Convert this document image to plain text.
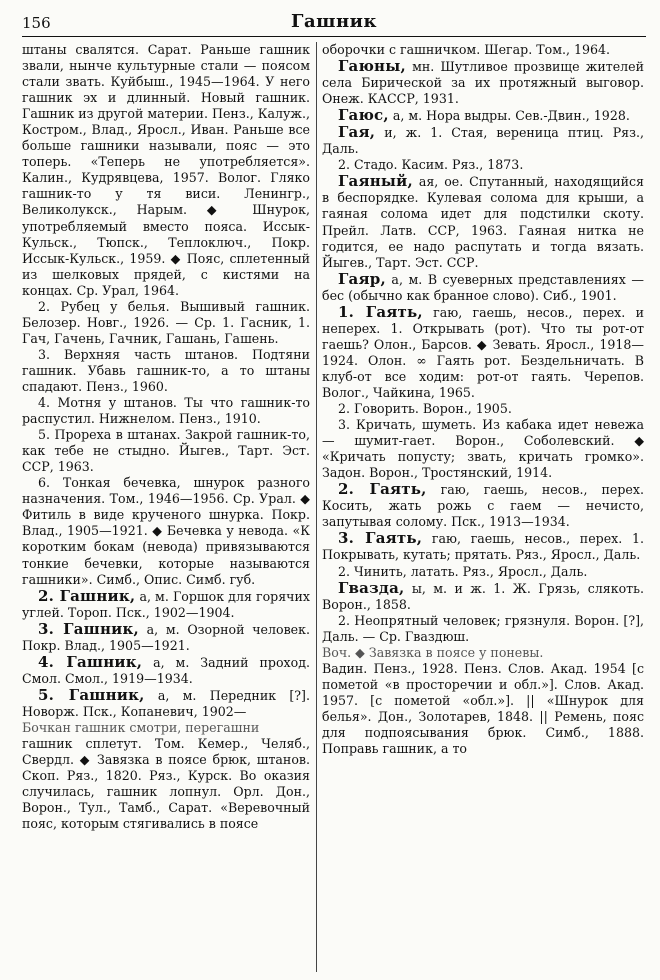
156	Гашник

штаны свалятся. Сарат. Раньше гашник звали, нынче культурные стали — поясом стали звать. Куйбыш., 1945—1964. У него гашник эх и длинный. Новый гашник. Гашник из другой материи. Пенз., Калуж., Костром., Влад., Яросл., Иван. Раньше все больше гашники называли, пояс — это топерь. «Теперь не употребляется». Калин., Кудрявцева, 1957. Волог. Гляко гашник-то у тя виси. Ленингр., Великолукск., Нарым. ◆ Шнурок, употребляемый вместо пояса. Иссык-Кульск., Тюпск., Теплоключ., Покр. Иссык-Кульск., 1959. ◆ Пояс, сплетенный из шелковых прядей, с кистями на концах. Ср. Урал, 1964.

2. Рубец у белья. Вышивый гашник. Белозер. Новг., 1926. — Ср. 1. Гасник, 1. Гач, Гачень, Гачник, Гашань, Гашень.

3. Верхняя часть штанов. Подтяни гашник. Убавь гашник-то, а то штаны спадают. Пенз., 1960.

4. Мотня у штанов. Ты что гашник-то распустил. Нижнелом. Пенз., 1910.

5. Прореха в штанах. Закрой гашник-то, как тебе не стыдно. Йыгев., Тарт. Эст. ССР, 1963.

6. Тонкая бечевка, шнурок разного назначения. Том., 1946—1956. Ср. Урал. ◆ Фитиль в виде крученого шнурка. Покр. Влад., 1905—1921. ◆ Бечевка у невода. «К коротким бокам (невода) привязываются тонкие бечевки, которые называются гашники». Симб., Опис. Симб. губ.

2. Гашник, а, м. Горшок для горячих углей. Тороп. Пск., 1902—1904.

3. Гашник, а, м. Озорной человек. Покр. Влад., 1905—1921.

4. Гашник, а, м. Задний проход. Смол. Смол., 1919—1934.

5. Гашник, а, м. Передник [?]. Новорж. Пск., Копаневич, 1902—

Бочкан гашник смотри, перегашни

гашник сплетут. Том. Кемер., Челяб., Свердл. ◆ Завязка в поясе брюк, штанов. Скоп. Ряз., 1820. Ряз., Курск. Во оказия случилась, гашник лопнул. Орл. Дон., Ворон., Тул., Тамб., Сарат. «Веревочный пояс, которым стягивались в поясе

оборочки с гашничком. Шегар. Том., 1964.

Гаюны, мн. Шутливое прозвище жителей села Бирической за их протяжный выговор. Онеж. КАССР, 1931.

Гаюс, а, м. Нора выдры. Сев.-Двин., 1928.

Гая, и, ж. 1. Стая, вереница птиц. Ряз., Даль.

2. Стадо. Касим. Ряз., 1873.

Гаяный, ая, ое. Спутанный, находящийся в беспорядке. Кулевая солома для крыши, а гаяная солома идет для подстилки скоту. Прейл. Латв. ССР, 1963. Гаяная нитка не годится, ее надо распутать и тогда вязать. Йыгев., Тарт. Эст. ССР.

Гаяр, а, м. В суеверных представлениях — бес (обычно как бранное слово). Сиб., 1901.

1. Гаять, гаю, гаешь, несов., перех. и неперех. 1. Открывать (рот). Что ты рот-от гаешь? Олон., Барсов. ◆ Зевать. Яросл., 1918—1924. Олон. ∞ Гаять рот. Бездельничать. В клуб-от все ходим: рот-от гаять. Черепов. Волог., Чайкина, 1965.

2. Говорить. Ворон., 1905.

3. Кричать, шуметь. Из кабака идет невежа — шумит-гает. Ворон., Соболевский. ◆ «Кричать попусту; звать, кричать громко». Задон. Ворон., Тростянский, 1914.

2. Гаять, гаю, гаешь, несов., перех. Косить, жать рожь с гаем — нечисто, запутывая солому. Пск., 1913—1934.

3. Гаять, гаю, гаешь, несов., перех. 1. Покрывать, кутать; прятать. Ряз., Яросл., Даль.

2. Чинить, латать. Ряз., Яросл., Даль.

Гвазда, ы, м. и ж. 1. Ж. Грязь, слякоть. Ворон., 1858.

2. Неопрятный человек; грязнуля. Ворон. [?], Даль. — Ср. Гваздюш.

Воч. ◆ Завязка в поясе у поневы.

Вадин. Пенз., 1928. Пенз. Слов. Акад. 1954 [с пометой «в просторечии и обл.»]. Слов. Акад. 1957. [с пометой «обл.»]. || «Шнурок для белья». Дон., Золотарев, 1848. || Ремень, пояс для подпоясывания брюк. Симб., 1888. Поправь гашник, а то
